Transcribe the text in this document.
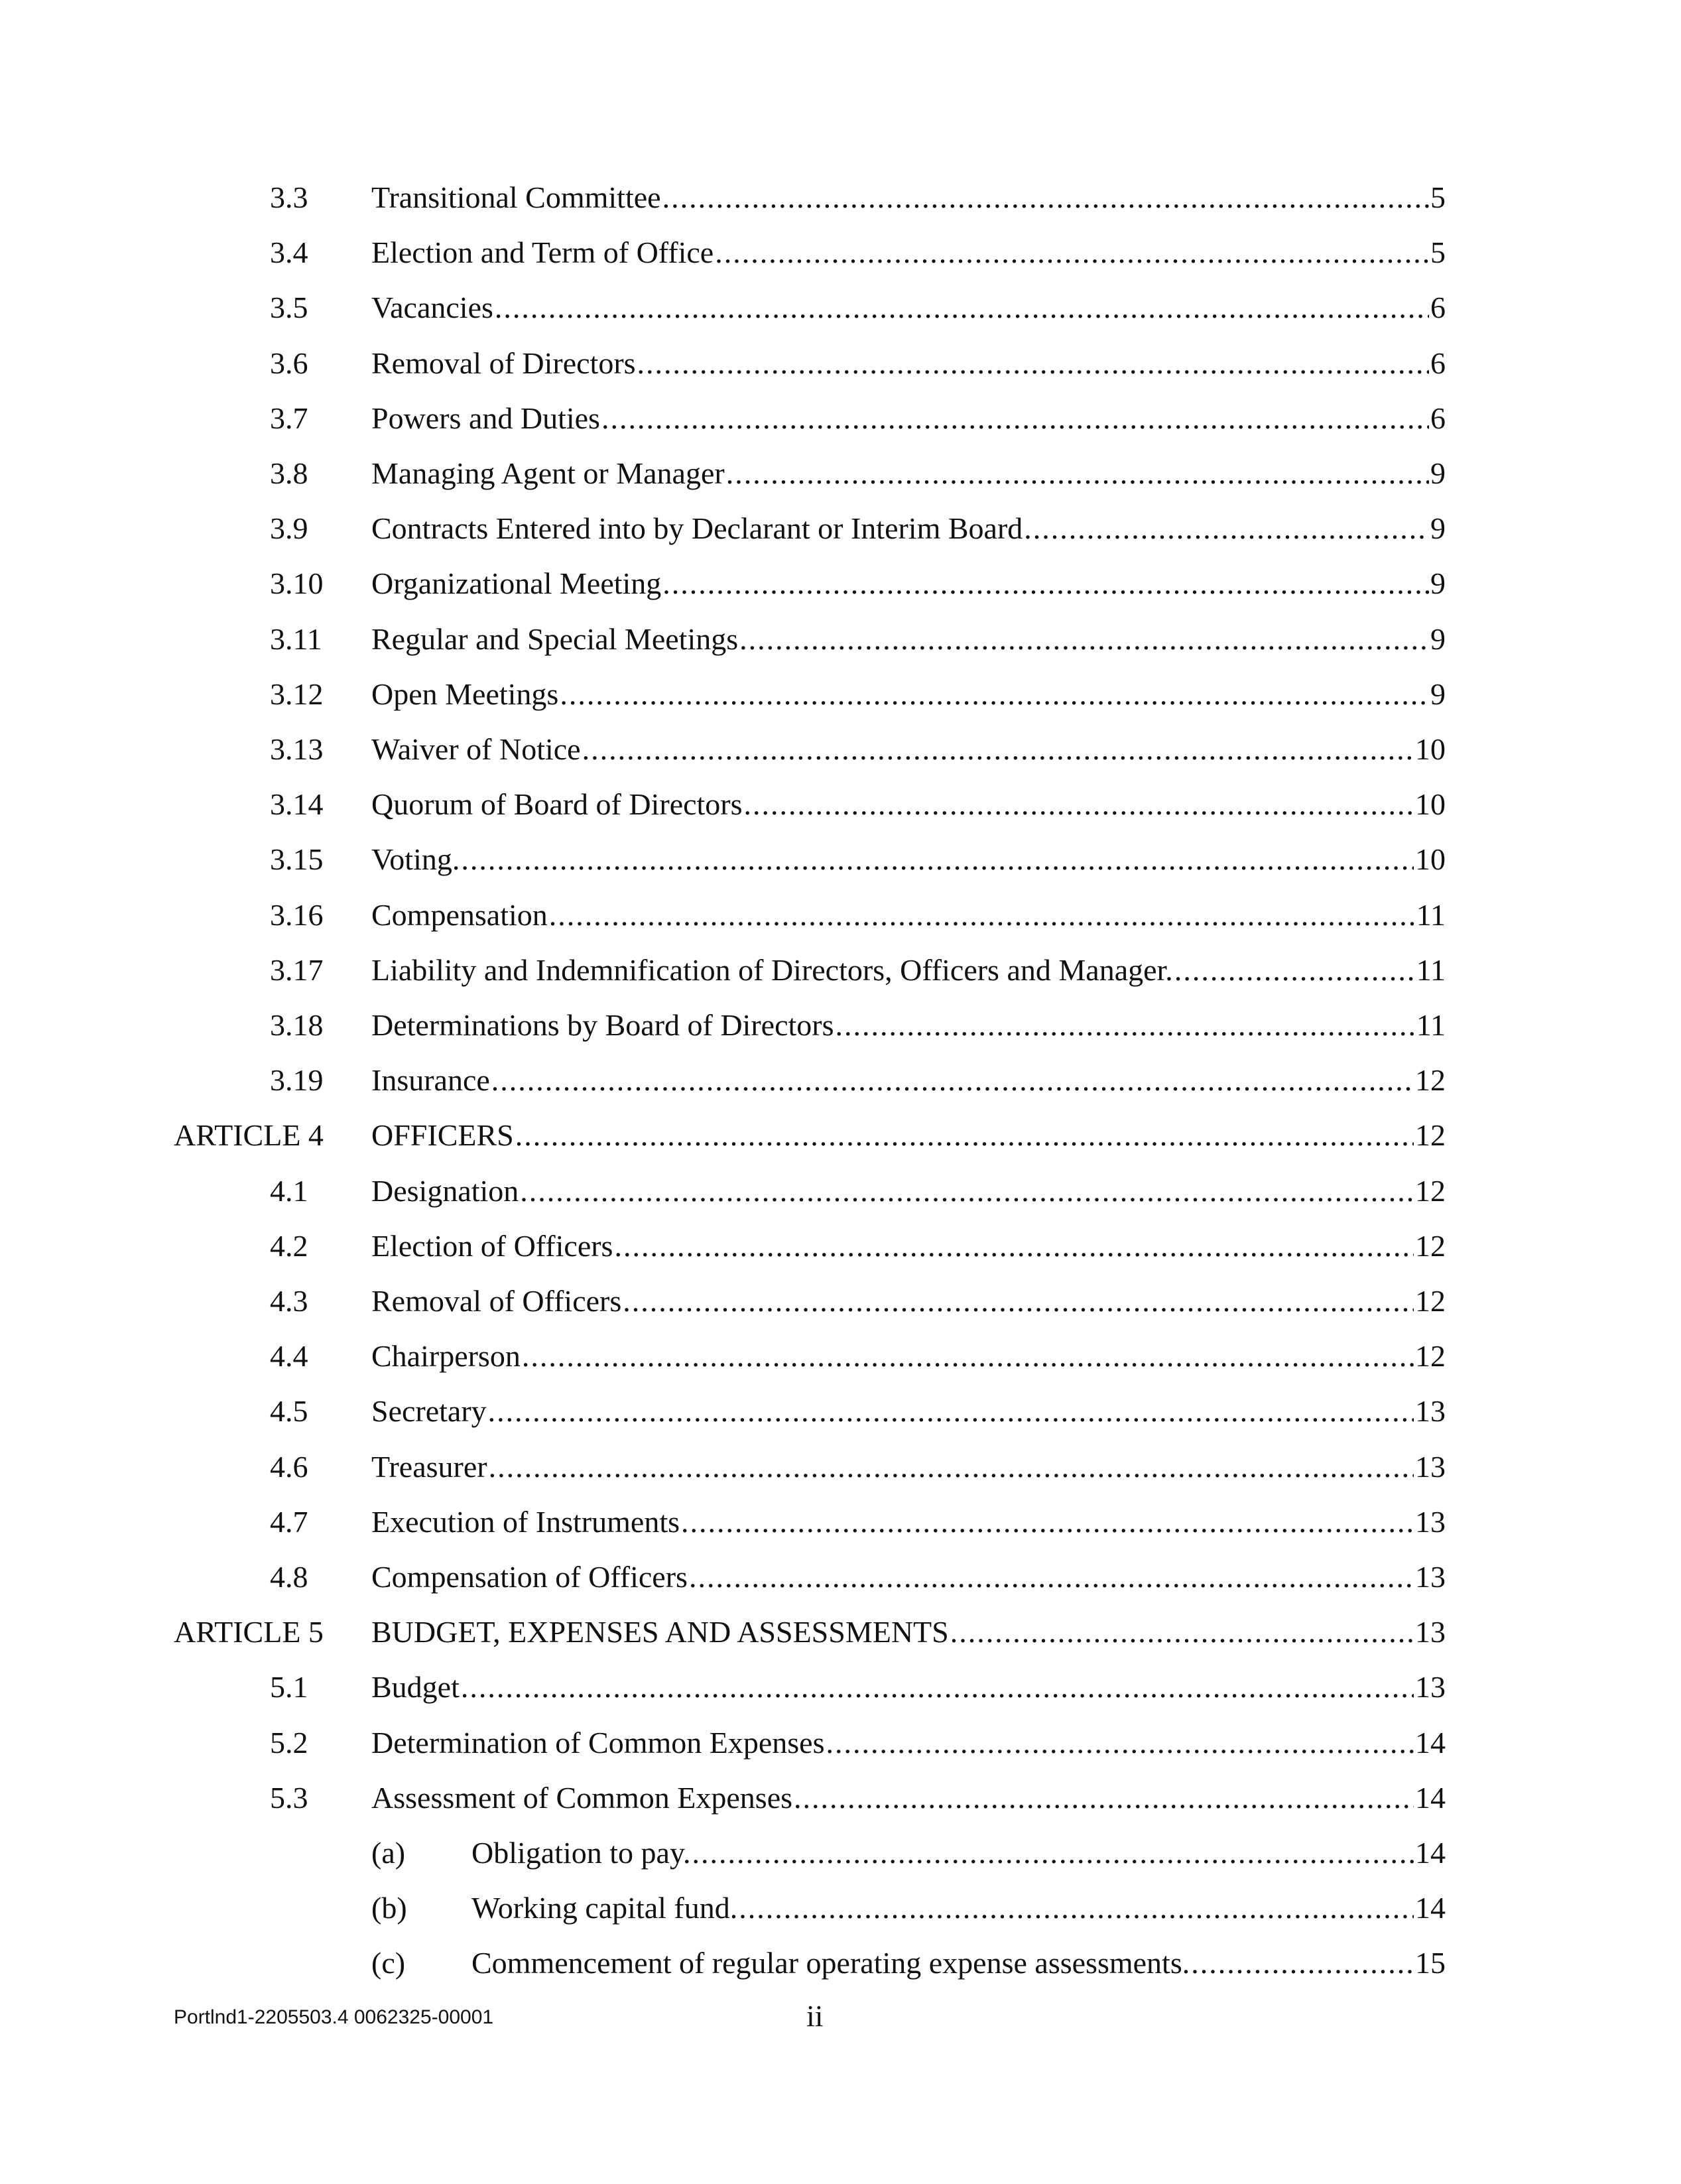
3.3 Transitional Committee .....	5
3.4 Election and Term of Office .....	5
3.5 Vacancies .....	6
3.6 Removal of Directors .....	6
3.7 Powers and Duties .....	6
3.8 Managing Agent or Manager .....	9
3.9 Contracts Entered into by Declarant or Interim Board .....	9
3.10 Organizational Meeting .....	9
3.11 Regular and Special Meetings .....	9
3.12 Open Meetings .....	9
3.13 Waiver of Notice .....	10
3.14 Quorum of Board of Directors .....	10
3.15 Voting. .....	10
3.16 Compensation .....	11
3.17 Liability and Indemnification of Directors, Officers and Manager. .....	11
3.18 Determinations by Board of Directors .....	11
3.19 Insurance .....	12
ARTICLE 4 OFFICERS .....	12
4.1 Designation .....	12
4.2 Election of Officers .....	12
4.3 Removal of Officers .....	12
4.4 Chairperson .....	12
4.5 Secretary .....	13
4.6 Treasurer .....	13
4.7 Execution of Instruments .....	13
4.8 Compensation of Officers .....	13
ARTICLE 5 BUDGET, EXPENSES AND ASSESSMENTS .....	13
5.1 Budget .....	13
5.2 Determination of Common Expenses .....	14
5.3 Assessment of Common Expenses .....	14
(a) Obligation to pay. .....	14
(b) Working capital fund. .....	14
(c) Commencement of regular operating expense assessments. .....	15
Portlnd1-2205503.4 0062325-00001	ii
